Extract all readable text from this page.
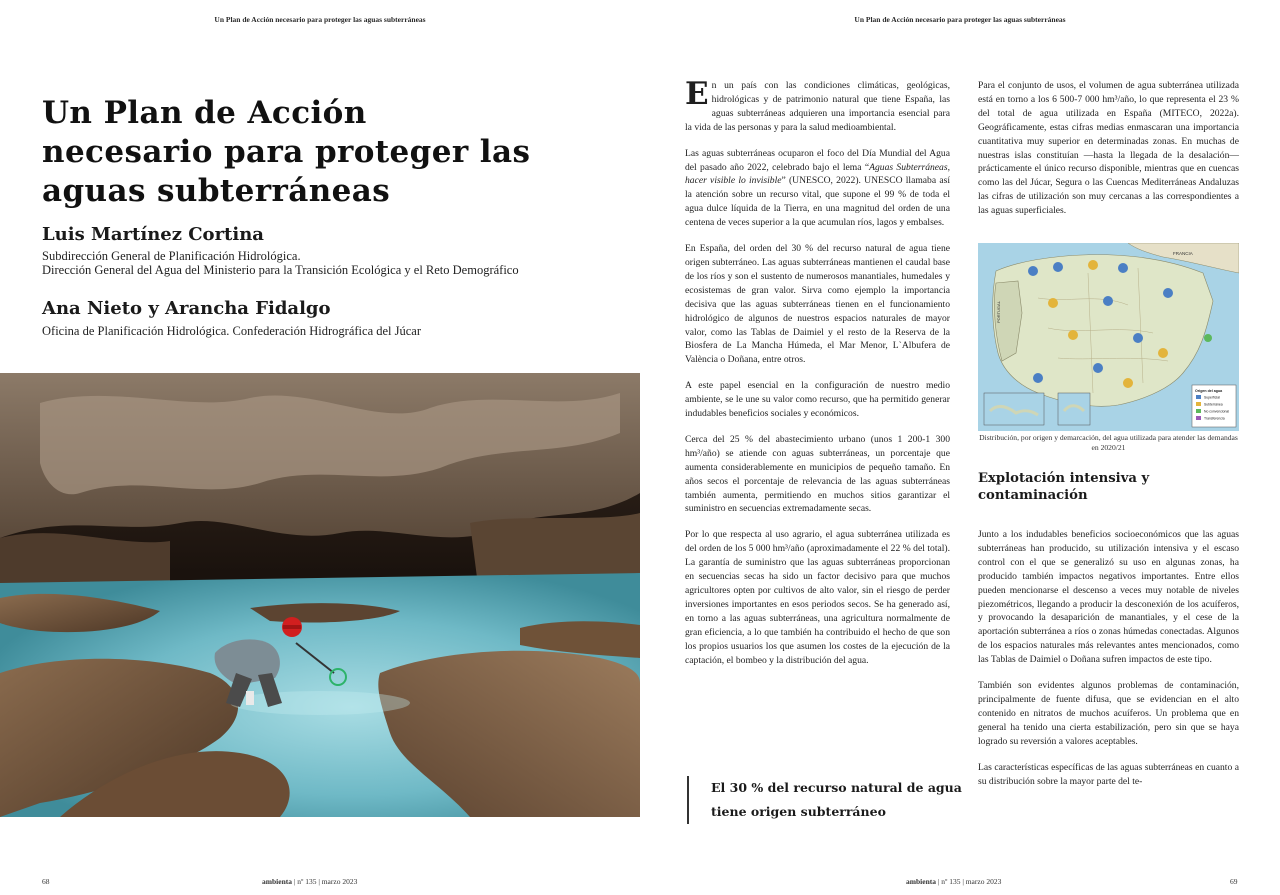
Un Plan de Acción necesario para proteger las aguas subterráneas
Un Plan de Acción
necesario para proteger las
aguas subterráneas
Luis Martínez Cortina
Subdirección General de Planificación Hidrológica.
Dirección General del Agua del Ministerio para la Transición Ecológica y el Reto Demográfico
Ana Nieto y Arancha Fidalgo
Oficina de Planificación Hidrológica. Confederación Hidrográfica del Júcar
68	ambienta | nº 135 | marzo 2023
Un Plan de Acción necesario para proteger las aguas subterráneas

En un país con las condiciones climáticas, geológicas, hidrológicas y de patrimonio natural que tiene España, las aguas subterráneas adquieren una importancia esencial para la vida de las personas y para la salud medioambiental.

Las aguas subterráneas ocuparon el foco del Día Mundial del Agua del pasado año 2022, celebrado bajo el lema “Aguas Subterráneas, hacer visible lo invisible” (UNESCO, 2022). UNESCO llamaba así la atención sobre un recurso vital, que supone el 99 % de toda el agua dulce líquida de la Tierra, en una magnitud del orden de una centena de veces superior a la que acumulan ríos, lagos y embalses.

En España, del orden del 30 % del recurso natural de agua tiene origen subterráneo. Las aguas subterráneas mantienen el caudal base de los ríos y son el sustento de numerosos manantiales, humedales y ecosistemas de gran valor. Sirva como ejemplo la importancia decisiva que las aguas subterráneas tienen en el funcionamiento hidrológico de algunos de nuestros espacios naturales de mayor valor, como las Tablas de Daimiel y el resto de la Reserva de la Biosfera de La Mancha Húmeda, el Mar Menor, L`Albufera de València o Doñana, entre otros.

A este papel esencial en la configuración de nuestro medio ambiente, se le une su valor como recurso, que ha permitido generar indudables beneficios sociales y económicos.

Cerca del 25 % del abastecimiento urbano (unos 1 200-1 300 hm³/año) se atiende con aguas subterráneas, un porcentaje que aumenta considerablemente en municipios de pequeño tamaño. En años secos el porcentaje de relevancia de las aguas subterráneas también aumenta, permitiendo en muchos sitios garantizar el suministro en secuencias extremadamente secas.

Por lo que respecta al uso agrario, el agua subterránea utilizada es del orden de los 5 000 hm³/año (aproximadamente el 22 % del total). La garantía de suministro que las aguas subterráneas proporcionan en secuencias secas ha sido un factor decisivo para que muchos agricultores opten por cultivos de alto valor, sin el riesgo de perder inversiones importantes en esos periodos secos. Se ha generado así, en torno a las aguas subterráneas, una agricultura normalmente de gran eficiencia, a lo que también ha contribuido el hecho de que son los propios usuarios los que asumen los costes de la ejecución de la captación, el bombeo y la distribución del agua.

El 30 % del recurso natural de agua tiene origen subterráneo

Para el conjunto de usos, el volumen de agua subterránea utilizada está en torno a los 6 500-7 000 hm³/año, lo que representa el 23 % del total de agua utilizada en España (MITECO, 2022a). Geográficamente, estas cifras medias enmascaran una importancia cuantitativa muy superior en determinadas zonas. En muchas de nuestras islas constituían —hasta la llegada de la desalación— prácticamente el único recurso disponible, mientras que en cuencas como las del Júcar, Segura o las Cuencas Mediterráneas Andaluzas las cifras de utilización son muy cercanas a las correspondientes a las aguas superficiales.

FRANCIA
PORTUGAL
Origen del agua
Superficial
Subterránea
No convencional
Transferencia
Distribución, por origen y demarcación, del agua utilizada para atender las demandas en 2020/21
Explotación intensiva y contaminación

Junto a los indudables beneficios socioeconómicos que las aguas subterráneas han producido, su utilización intensiva y el escaso control con el que se generalizó su uso en algunas zonas, ha producido también impactos negativos importantes. Entre ellos pueden mencionarse el descenso a veces muy notable de niveles piezométricos, llegando a producir la desconexión de los acuíferos, y provocando la desaparición de manantiales, y el cese de la aportación subterránea a ríos o zonas húmedas conectadas. Algunos de los espacios naturales más relevantes antes mencionados, como las Tablas de Daimiel o Doñana sufren impactos de este tipo.

También son evidentes algunos problemas de contaminación, principalmente de fuente difusa, que se evidencian en el alto contenido en nitratos de muchos acuíferos. Un problema que en general ha tenido una cierta estabilización, pero sin que se haya logrado su reversión a valores aceptables.

Las características específicas de las aguas subterráneas en cuanto a su distribución sobre la mayor parte del te-

ambienta | nº 135 | marzo 2023	69
